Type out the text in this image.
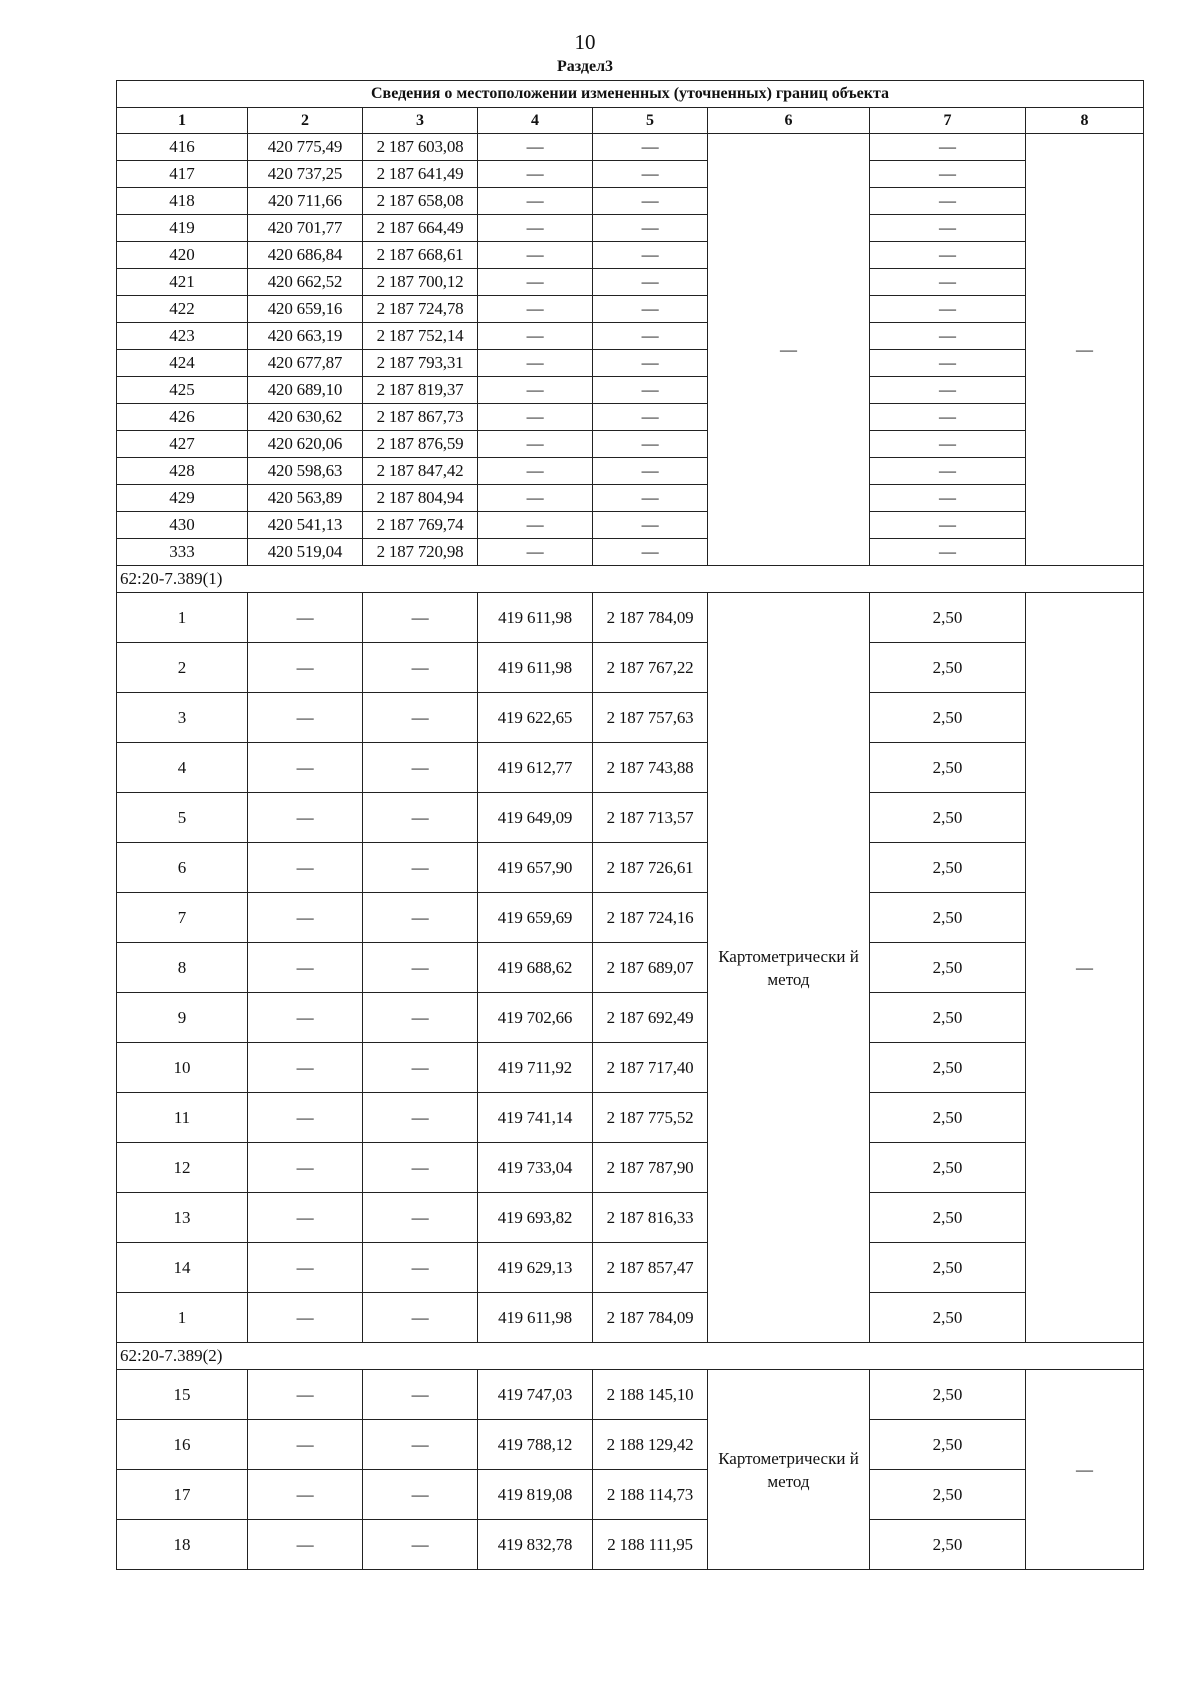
10
Раздел3
Сведения о местоположении измененных (уточненных) границ объекта							
1	2	3	4	5	6	7	8
416	420 775,49	2 187 603,08	—	—	—	—	—
417	420 737,25	2 187 641,49	—	—		—	
418	420 711,66	2 187 658,08	—	—		—	
419	420 701,77	2 187 664,49	—	—		—	
420	420 686,84	2 187 668,61	—	—		—	
421	420 662,52	2 187 700,12	—	—		—	
422	420 659,16	2 187 724,78	—	—		—	
423	420 663,19	2 187 752,14	—	—		—	
424	420 677,87	2 187 793,31	—	—		—	
425	420 689,10	2 187 819,37	—	—		—	
426	420 630,62	2 187 867,73	—	—		—	
427	420 620,06	2 187 876,59	—	—		—	
428	420 598,63	2 187 847,42	—	—		—	
429	420 563,89	2 187 804,94	—	—		—	
430	420 541,13	2 187 769,74	—	—		—	
333	420 519,04	2 187 720,98	—	—		—	
62:20-7.389(1)							
1	—	—	419 611,98	2 187 784,09	Картометрически й метод	2,50	—
2	—	—	419 611,98	2 187 767,22		2,50	
3	—	—	419 622,65	2 187 757,63		2,50	
4	—	—	419 612,77	2 187 743,88		2,50	
5	—	—	419 649,09	2 187 713,57		2,50	
6	—	—	419 657,90	2 187 726,61		2,50	
7	—	—	419 659,69	2 187 724,16		2,50	
8	—	—	419 688,62	2 187 689,07		2,50	
9	—	—	419 702,66	2 187 692,49		2,50	
10	—	—	419 711,92	2 187 717,40		2,50	
11	—	—	419 741,14	2 187 775,52		2,50	
12	—	—	419 733,04	2 187 787,90		2,50	
13	—	—	419 693,82	2 187 816,33		2,50	
14	—	—	419 629,13	2 187 857,47		2,50	
1	—	—	419 611,98	2 187 784,09		2,50	
62:20-7.389(2)							
15	—	—	419 747,03	2 188 145,10	Картометрически й метод	2,50	—
16	—	—	419 788,12	2 188 129,42		2,50	
17	—	—	419 819,08	2 188 114,73		2,50	
18	—	—	419 832,78	2 188 111,95		2,50	
